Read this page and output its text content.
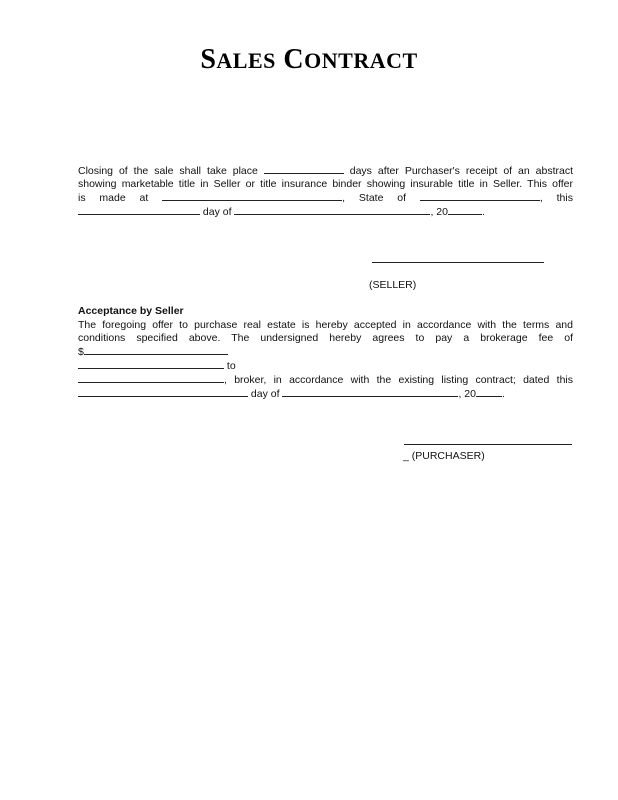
SALES CONTRACT
Closing of the sale shall take place	days after Purchaser's receipt of an abstract
showing marketable title in Seller or title insurance binder showing insurable title in Seller. This offer
is made at	, State of	, this
day of	, 20	.
(SELLER)
Acceptance by Seller
The foregoing offer to purchase real estate is hereby accepted in accordance with the terms and
conditions specified above. The undersigned hereby agrees to pay a brokerage fee of
$
to
, broker, in accordance with the existing listing contract; dated this
day of	, 20 .
_ (PURCHASER)
